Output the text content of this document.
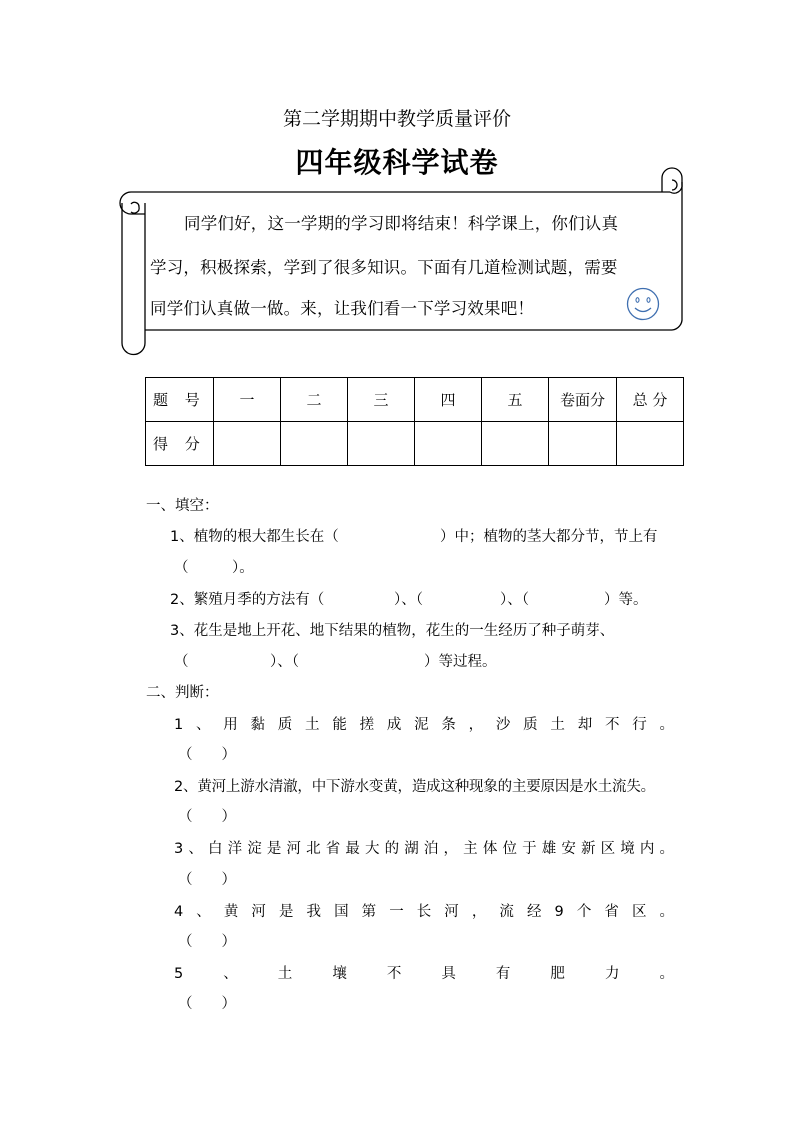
第二学期期中教学质量评价
四年级科学试卷
同学们好，这一学期的学习即将结束！科学课上，你们认真
学习，积极探索，学到了很多知识。下面有几道检测试题，需要
同学们认真做一做。来，让我们看一下学习效果吧！
题 号	一	二	三	四	五	卷面分	总 分
得 分							
一、填空：
1、植物的根大都生长在（	）中；植物的茎大都分节，节上有
（	）。
2、繁殖月季的方法有（	）、（	）、（	）等。
3、花生是地上开花、地下结果的植物，花生的一生经历了种子萌芽、
（	）、（	）等过程。
二、判断：
1、用黏质土能搓成泥条，沙质土却不行。
（　　）
2、黄河上游水清澈，中下游水变黄，造成这种现象的主要原因是水土流失。
（　　）
3、白洋淀是河北省最大的湖泊，主体位于雄安新区境内。
（　　）
4、黄河是我国第一长河，流经9个省区。
（　　）
5、土壤不具有肥力。
（　　）
